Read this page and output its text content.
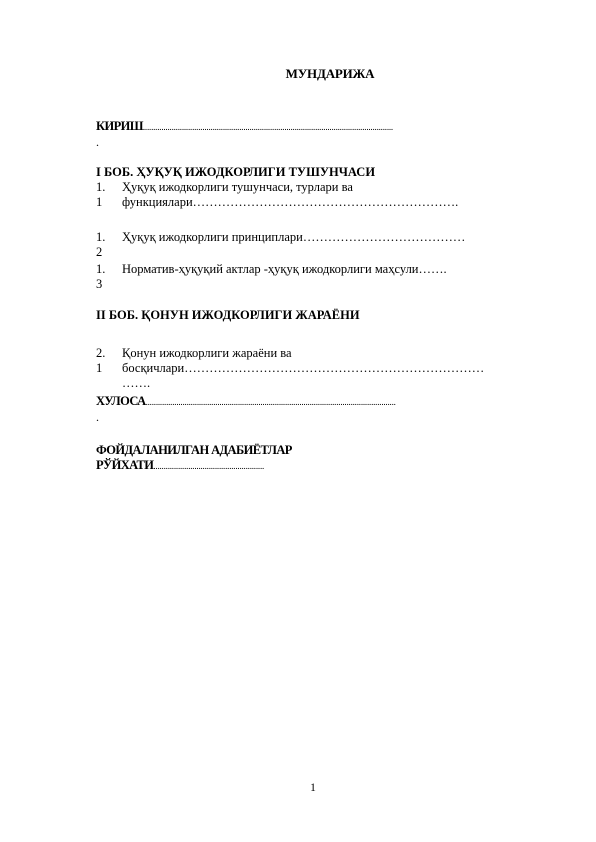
МУНДАРИЖА
КИРИШ..........................................................................................................................
.
I БОБ. ҲУҚУҚ ИЖОДКОРЛИГИ ТУШУНЧАСИ
1.
1
Ҳуқуқ ижодкорлиги тушунчаси, турлари ва функциялари……………………………………………………….
1.
2
Ҳуқуқ ижодкорлиги принциплари…………………………………
1.
3
Норматив-ҳуқуқий актлар -ҳуқуқ ижодкорлиги маҳсули…….
II БОБ. ҚОНУН ИЖОДКОРЛИГИ ЖАРАЁНИ
2.
1
Қонун ижодкорлиги жараёни ва босқичлари…………………………………………………………………….
ХУЛОСА..........................................................................................................................
.
ФОЙДАЛАНИЛГАН АДАБИЁТЛАР
РЎЙХАТИ......................................................
1
